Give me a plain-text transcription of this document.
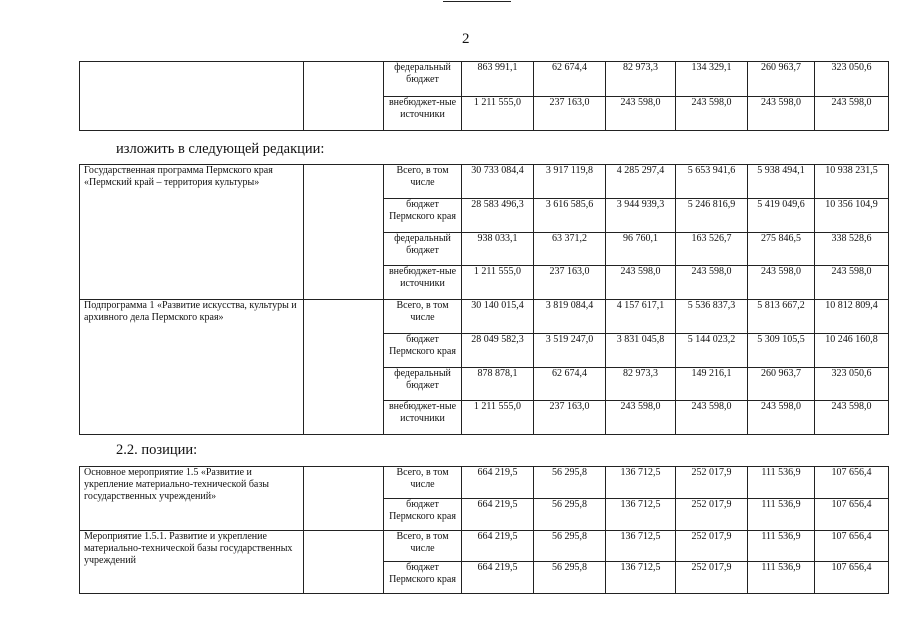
2
		федеральный бюджет	863 991,1	62 674,4	82 973,3	134 329,1	260 963,7	323 050,6
		внебюджет-ные источники	1 211 555,0	237 163,0	243 598,0	243 598,0	243 598,0	243 598,0
изложить в следующей редакции:
Государственная программа Пермского края «Пермский край – территория культуры»		Всего, в том числе	30 733 084,4	3 917 119,8	4 285 297,4	5 653 941,6	5 938 494,1	10 938 231,5
		бюджет Пермского края	28 583 496,3	3 616 585,6	3 944 939,3	5 246 816,9	5 419 049,6	10 356 104,9
		федеральный бюджет	938 033,1	63 371,2	96 760,1	163 526,7	275 846,5	338 528,6
		внебюджет-ные источники	1 211 555,0	237 163,0	243 598,0	243 598,0	243 598,0	243 598,0
Подпрограмма 1 «Развитие искусства, культуры и архивного дела Пермского края»		Всего, в том числе	30 140 015,4	3 819 084,4	4 157 617,1	5 536 837,3	5 813 667,2	10 812 809,4
		бюджет Пермского края	28 049 582,3	3 519 247,0	3 831 045,8	5 144 023,2	5 309 105,5	10 246 160,8
		федеральный бюджет	878 878,1	62 674,4	82 973,3	149 216,1	260 963,7	323 050,6
		внебюджет-ные источники	1 211 555,0	237 163,0	243 598,0	243 598,0	243 598,0	243 598,0
2.2. позиции:
Основное мероприятие 1.5 «Развитие и укрепление материально-технической базы государственных учреждений»		Всего, в том числе	664 219,5	56 295,8	136 712,5	252 017,9	111 536,9	107 656,4
		бюджет Пермского края	664 219,5	56 295,8	136 712,5	252 017,9	111 536,9	107 656,4
Мероприятие 1.5.1. Развитие и укрепление материально-технической базы государственных учреждений		Всего, в том числе	664 219,5	56 295,8	136 712,5	252 017,9	111 536,9	107 656,4
		бюджет Пермского края	664 219,5	56 295,8	136 712,5	252 017,9	111 536,9	107 656,4
